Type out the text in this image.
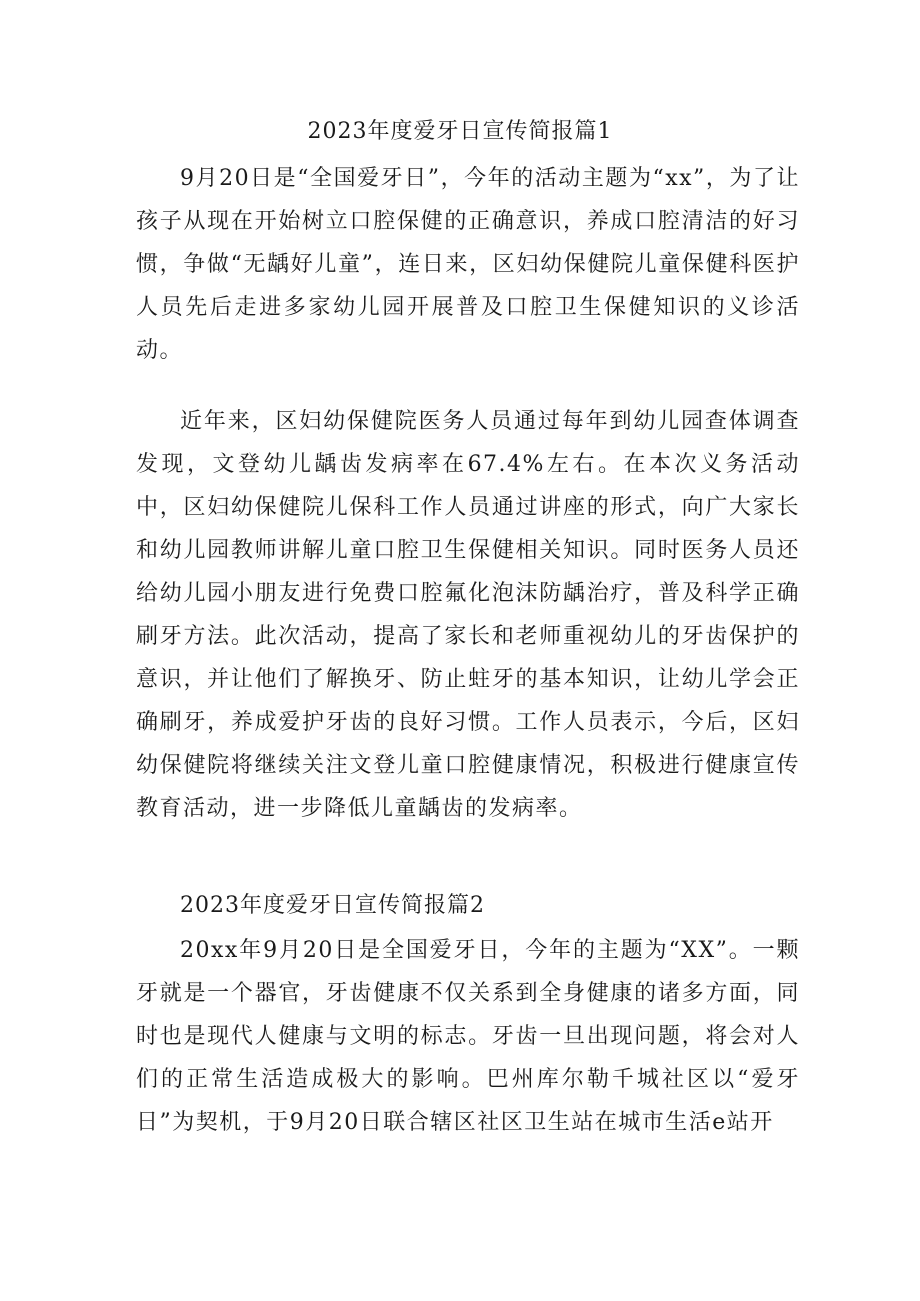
2023年度爱牙日宣传简报篇1

9月20日是“全国爱牙日”，今年的活动主题为“xx”，为了让孩子从现在开始树立口腔保健的正确意识，养成口腔清洁的好习惯，争做“无龋好儿童”，连日来，区妇幼保健院儿童保健科医护人员先后走进多家幼儿园开展普及口腔卫生保健知识的义诊活动。

近年来，区妇幼保健院医务人员通过每年到幼儿园查体调查发现，文登幼儿龋齿发病率在67.4%左右。在本次义务活动中，区妇幼保健院儿保科工作人员通过讲座的形式，向广大家长和幼儿园教师讲解儿童口腔卫生保健相关知识。同时医务人员还给幼儿园小朋友进行免费口腔氟化泡沫防龋治疗，普及科学正确刷牙方法。此次活动，提高了家长和老师重视幼儿的牙齿保护的意识，并让他们了解换牙、防止蛀牙的基本知识，让幼儿学会正确刷牙，养成爱护牙齿的良好习惯。工作人员表示，今后，区妇幼保健院将继续关注文登儿童口腔健康情况，积极进行健康宣传教育活动，进一步降低儿童龋齿的发病率。

2023年度爱牙日宣传简报篇2

20xx年9月20日是全国爱牙日，今年的主题为“XX”。一颗牙就是一个器官，牙齿健康不仅关系到全身健康的诸多方面，同时也是现代人健康与文明的标志。牙齿一旦出现问题，将会对人们的正常生活造成极大的影响。巴州库尔勒千城社区以“爱牙日”为契机，于9月20日联合辖区社区卫生站在城市生活e站开
